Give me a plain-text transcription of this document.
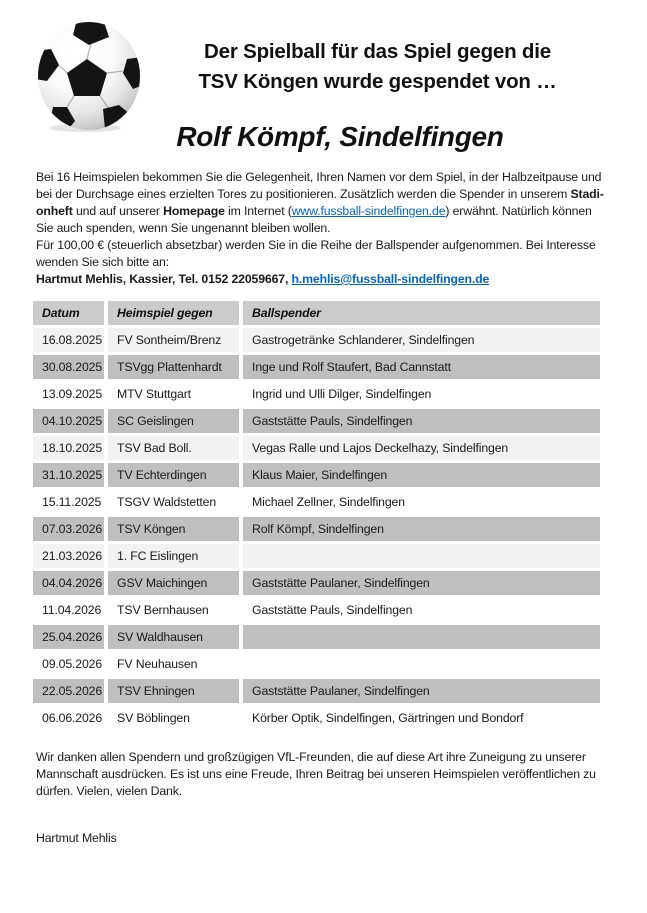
Der Spielball für das Spiel gegen die
TSV Köngen wurde gespendet von …
Rolf Kömpf, Sindelfingen

Bei 16 Heimspielen bekommen Sie die Gelegenheit, Ihren Namen vor dem Spiel, in der Halbzeitpause und
bei der Durchsage eines erzielten Tores zu positionieren. Zusätzlich werden die Spender in unserem Stadi-
onheft und auf unserer Homepage im Internet (www.fussball-sindelfingen.de) erwähnt. Natürlich können
Sie auch spenden, wenn Sie ungenannt bleiben wollen.

Für 100,00 € (steuerlich absetzbar) werden Sie in die Reihe der Ballspender aufgenommen. Bei Interesse
wenden Sie sich bitte an:
Hartmut Mehlis, Kassier, Tel. 0152 22059667, h.mehlis@fussball-sindelfingen.de

Datum	Heimspiel gegen	Ballspender
16.08.2025	FV Sontheim/Brenz	Gastrogetränke Schlanderer, Sindelfingen
30.08.2025	TSVgg Plattenhardt	Inge und Rolf Staufert, Bad Cannstatt
13.09.2025	MTV Stuttgart	Ingrid und Ulli Dilger, Sindelfingen
04.10.2025	SC Geislingen	Gaststätte Pauls, Sindelfingen
18.10.2025	TSV Bad Boll.	Vegas Ralle und Lajos Deckelhazy, Sindelfingen
31.10.2025	TV Echterdingen	Klaus Maier, Sindelfingen
15.11.2025	TSGV Waldstetten	Michael Zellner, Sindelfingen
07.03.2026	TSV Köngen	Rolf Kömpf, Sindelfingen
21.03.2026	1. FC Eislingen	
04.04.2026	GSV Maichingen	Gaststätte Paulaner, Sindelfingen
11.04.2026	TSV Bernhausen	Gaststätte Pauls, Sindelfingen
25.04.2026	SV Waldhausen	
09.05.2026	FV Neuhausen	
22.05.2026	TSV Ehningen	Gaststätte Paulaner, Sindelfingen
06.06.2026	SV Böblingen	Körber Optik, Sindelfingen, Gärtringen und Bondorf

Wir danken allen Spendern und großzügigen VfL-Freunden, die auf diese Art ihre Zuneigung zu unserer
Mannschaft ausdrücken. Es ist uns eine Freude, Ihren Beitrag bei unseren Heimspielen veröffentlichen zu
dürfen. Vielen, vielen Dank.

Hartmut Mehlis
